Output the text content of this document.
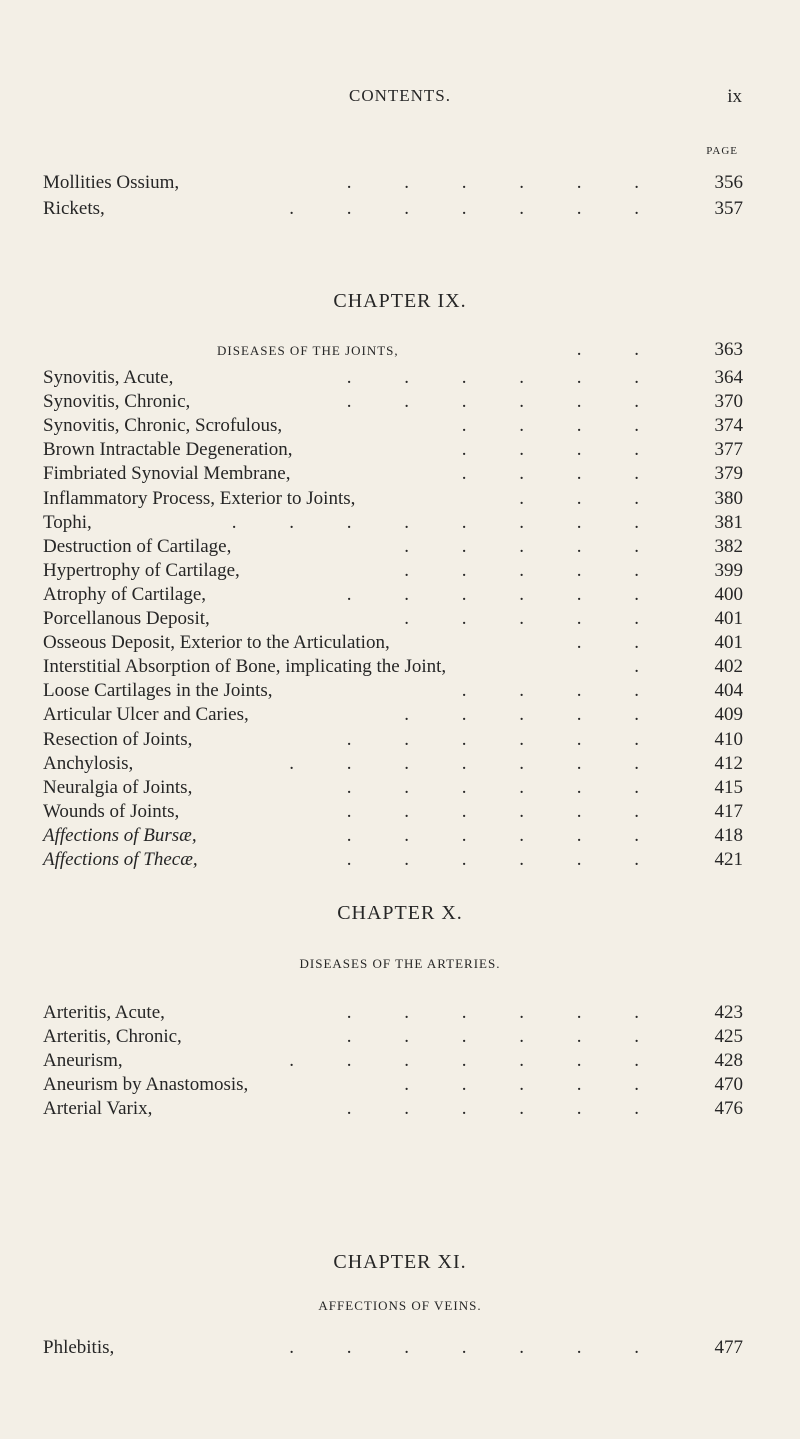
CONTENTS.	ix
PAGE
Mollities Ossium,	. . . . . .	356
Rickets,	. . . . . . .	357
CHAPTER IX.
DISEASES OF THE JOINTS,	. .	363
Synovitis, Acute,	. . . . . .	364
Synovitis, Chronic,	. . . . . .	370
Synovitis, Chronic, Scrofulous,	. . . .	374
Brown Intractable Degeneration,	. . . .	377
Fimbriated Synovial Membrane,	. . . .	379
Inflammatory Process, Exterior to Joints,	. . .	380
Tophi,	. . . . . . . .	381
Destruction of Cartilage,	. . . . .	382
Hypertrophy of Cartilage,	. . . . .	399
Atrophy of Cartilage,	. . . . . .	400
Porcellanous Deposit,	. . . . .	401
Osseous Deposit, Exterior to the Articulation,	. .	401
Interstitial Absorption of Bone, implicating the Joint,	.	402
Loose Cartilages in the Joints,	. . . .	404
Articular Ulcer and Caries,	. . . . .	409
Resection of Joints,	. . . . . .	410
Anchylosis,	. . . . . . .	412
Neuralgia of Joints,	. . . . . .	415
Wounds of Joints,	. . . . . .	417
Affections of Bursæ,	. . . . . .	418
Affections of Thecæ,	. . . . . .	421
CHAPTER X.
DISEASES OF THE ARTERIES.
Arteritis, Acute,	. . . . . .	423
Arteritis, Chronic,	. . . . . .	425
Aneurism,	. . . . . . .	428
Aneurism by Anastomosis,	. . . . .	470
Arterial Varix,	. . . . . .	476
CHAPTER XI.
AFFECTIONS OF VEINS.
Phlebitis,	. . . . . . .	477
